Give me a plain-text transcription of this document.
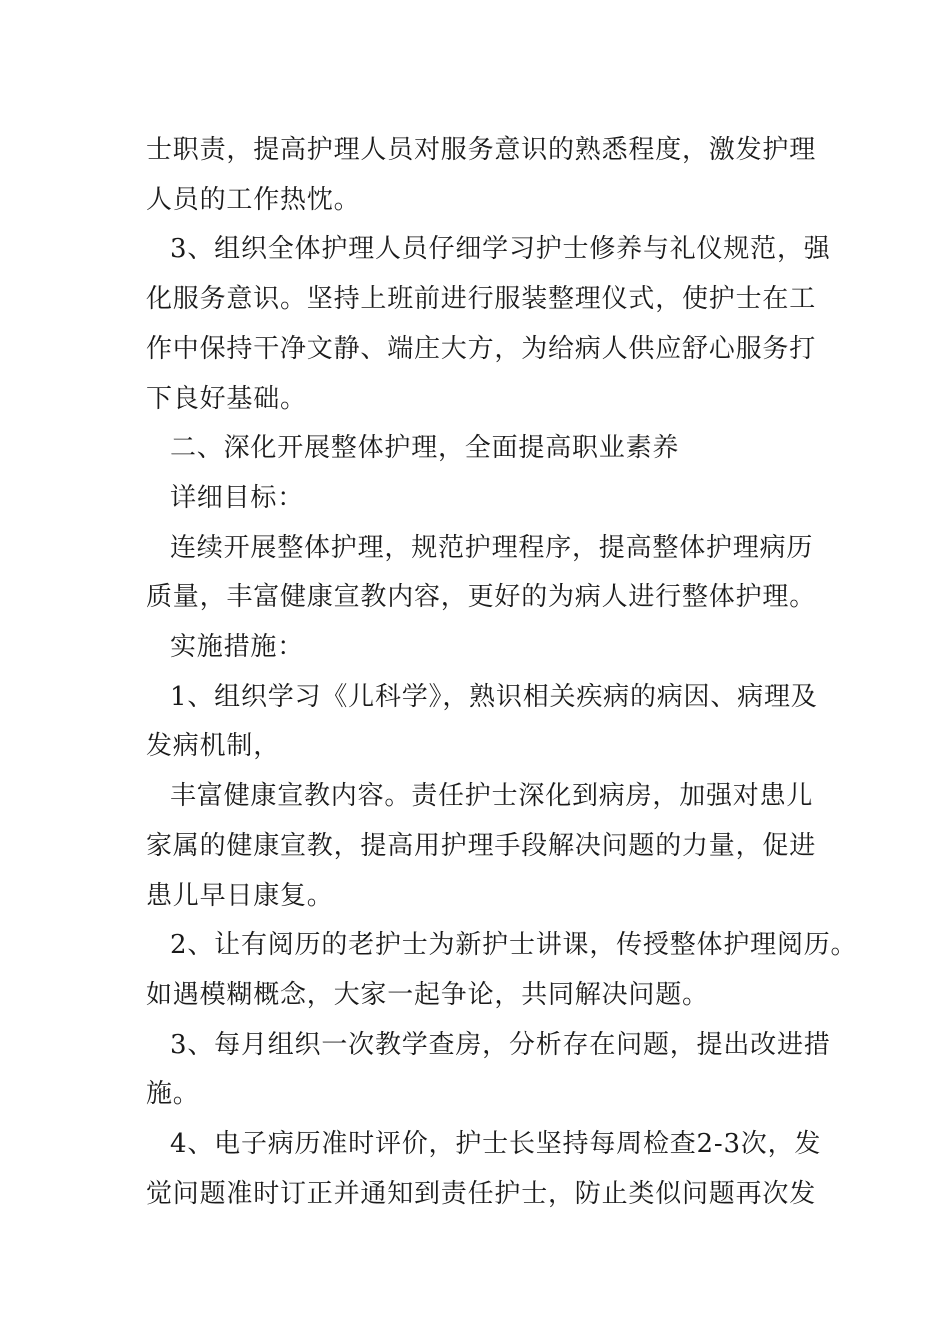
士职责，提高护理人员对服务意识的熟悉程度，激发护理

人员的工作热忱。

3、组织全体护理人员仔细学习护士修养与礼仪规范，强

化服务意识。坚持上班前进行服装整理仪式，使护士在工

作中保持干净文静、端庄大方，为给病人供应舒心服务打

下良好基础。

二、深化开展整体护理，全面提高职业素养

详细目标：

连续开展整体护理，规范护理程序，提高整体护理病历

质量，丰富健康宣教内容，更好的为病人进行整体护理。

实施措施：

1、组织学习《儿科学》，熟识相关疾病的病因、病理及

发病机制，

丰富健康宣教内容。责任护士深化到病房，加强对患儿

家属的健康宣教，提高用护理手段解决问题的力量，促进

患儿早日康复。

2、让有阅历的老护士为新护士讲课，传授整体护理阅历。

如遇模糊概念，大家一起争论，共同解决问题。

3、每月组织一次教学查房，分析存在问题，提出改进措

施。

4、电子病历准时评价，护士长坚持每周检查2-3次，发

觉问题准时订正并通知到责任护士，防止类似问题再次发
